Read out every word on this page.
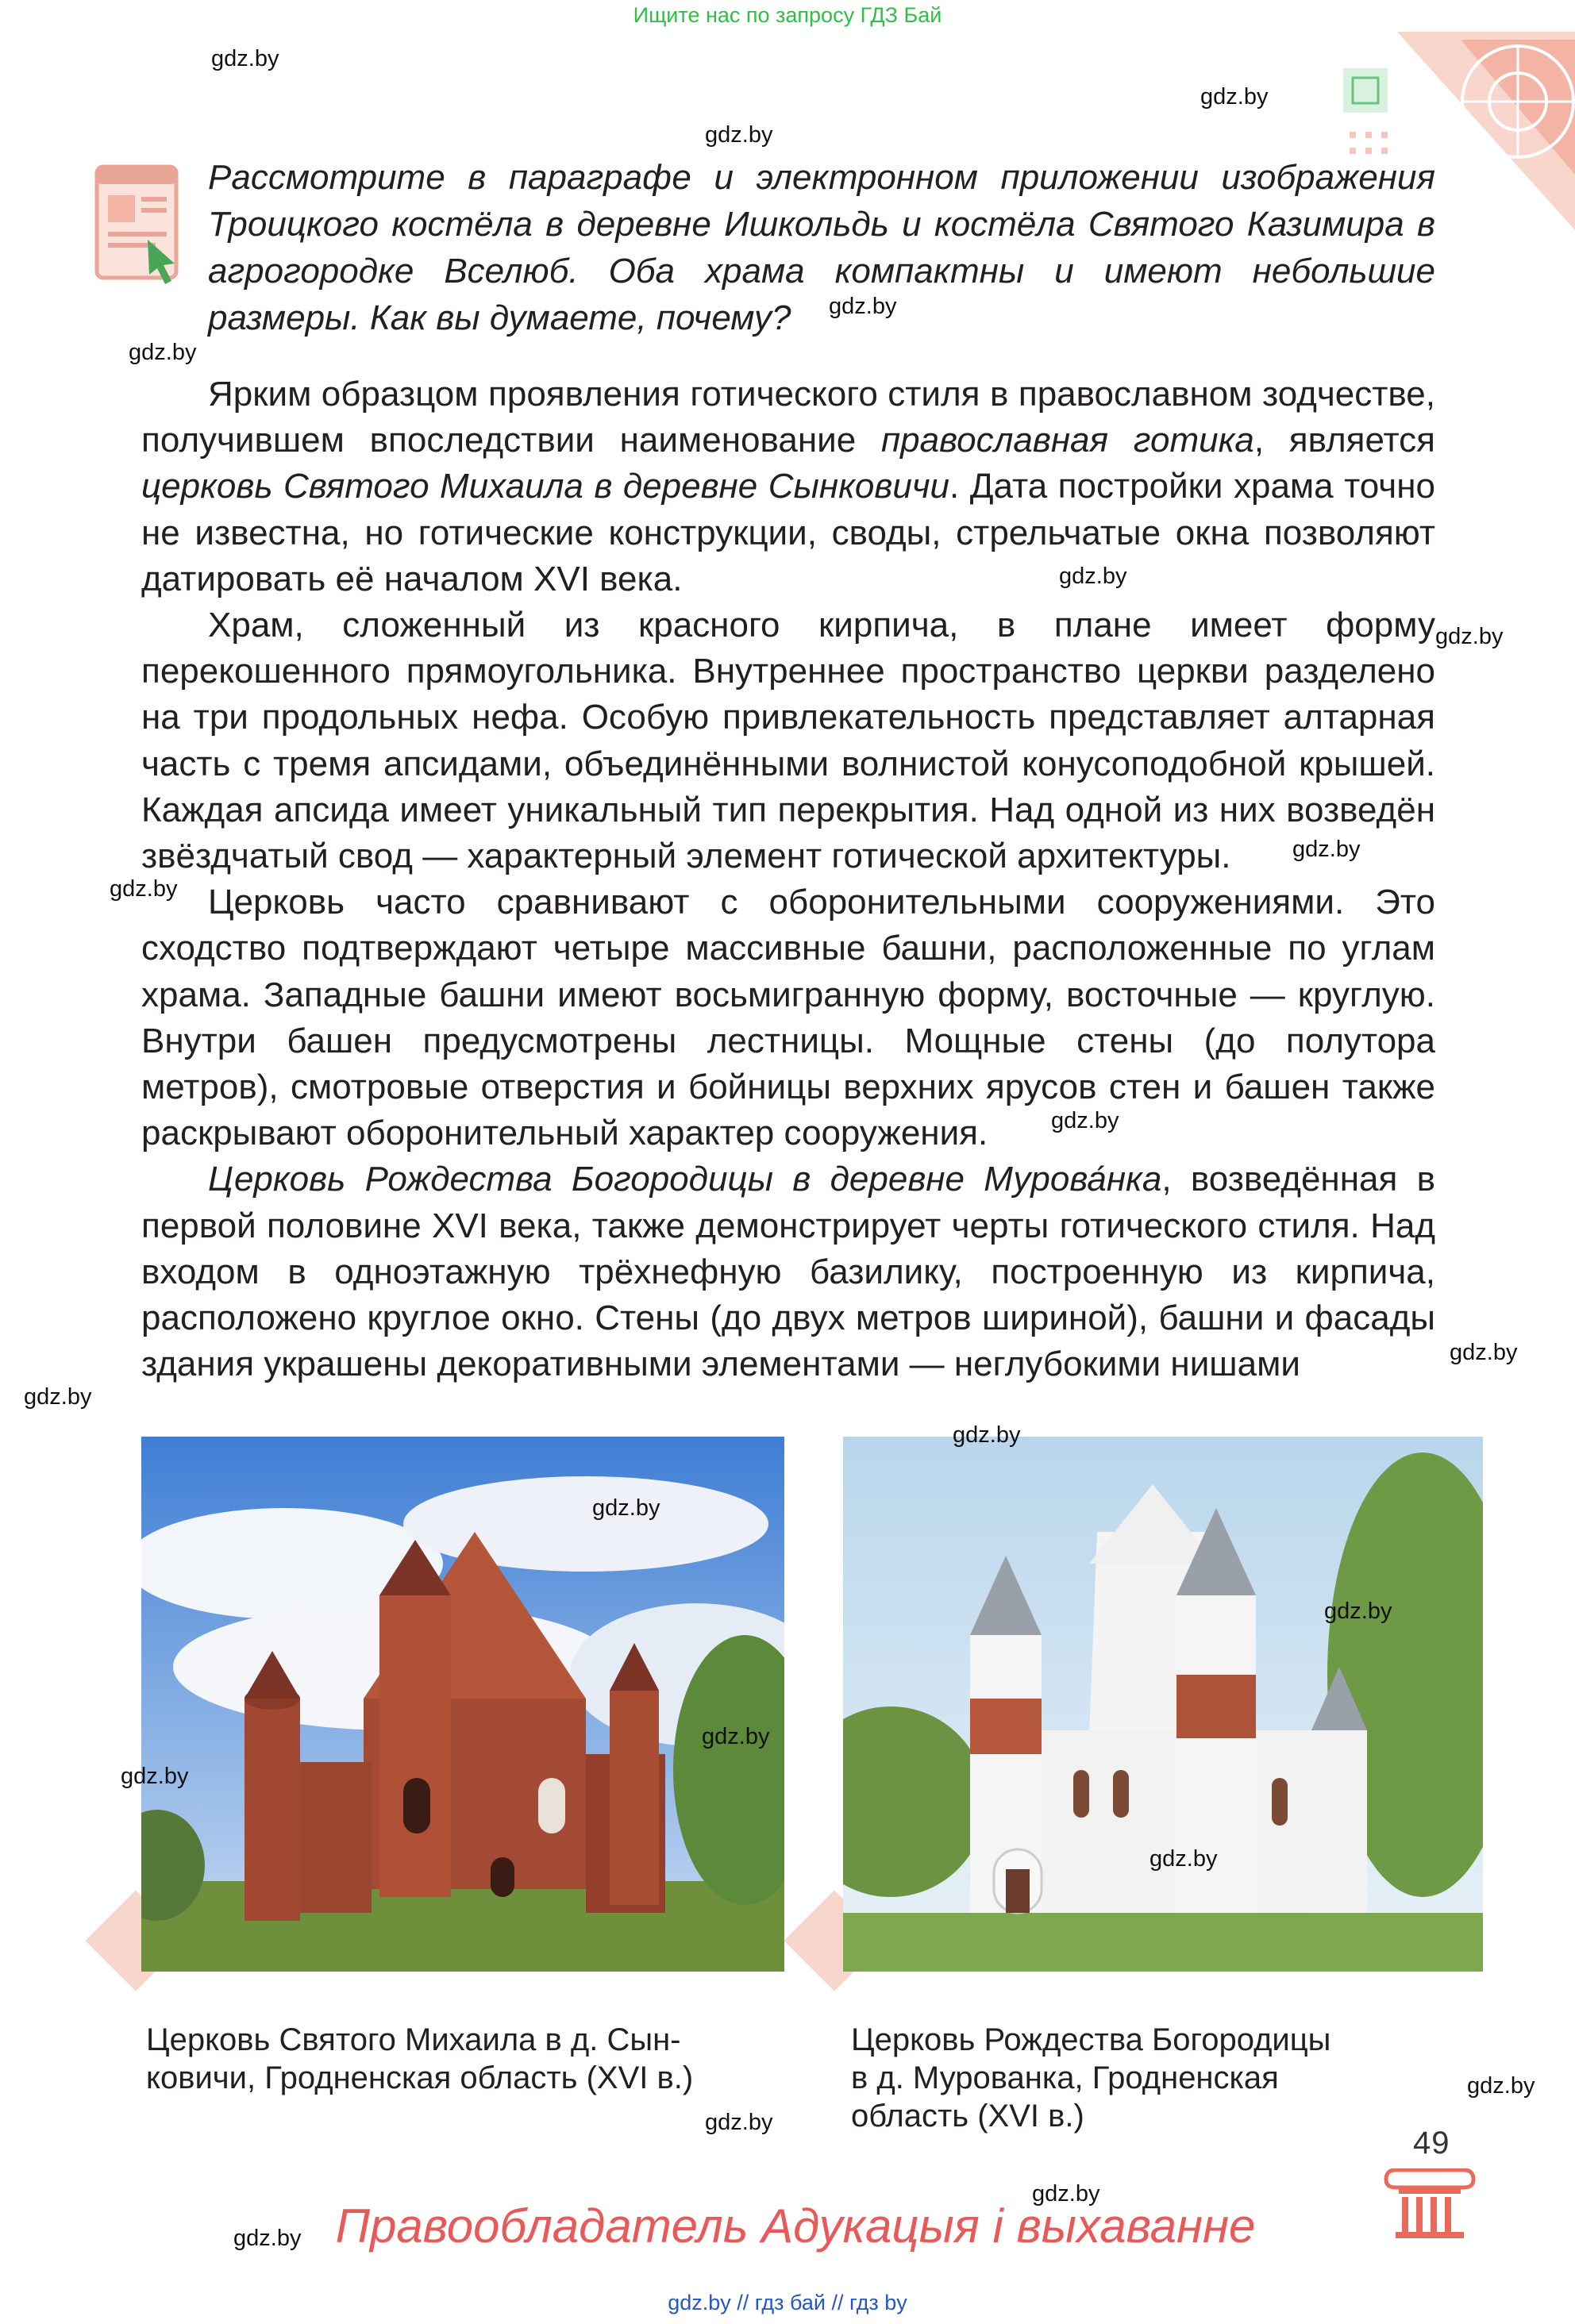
Ищите нас по запросу ГДЗ Бай
Рассмотрите в параграфе и электронном приложении изображения Троицкого костёла в деревне Ишкольдь и костёла Святого Казимира в агрогородке Вселюб. Оба храма компактны и имеют небольшие размеры. Как вы думаете, почему?

Ярким образцом проявления готического стиля в православном зодчестве, получившем впоследствии наименование православная готика, является церковь Святого Михаила в деревне Сынковичи. Дата постройки храма точно не известна, но готические конструкции, своды, стрельчатые окна позволяют датировать её началом XVI века.

Храм, сложенный из красного кирпича, в плане имеет форму перекошенного прямоугольника. Внутреннее пространство церкви разделено на три продольных нефа. Особую привлекательность представляет алтарная часть с тремя апсидами, объединёнными волнистой конусоподобной крышей. Каждая апсида имеет уникальный тип перекрытия. Над одной из них возведён звёздчатый свод — характерный элемент готической архитектуры.

Церковь часто сравнивают с оборонительными сооружениями. Это сходство подтверждают четыре массивные башни, расположенные по углам храма. Западные башни имеют восьмигранную форму, восточные — круглую. Внутри башен предусмотрены лестницы. Мощные стены (до полутора метров), смотровые отверстия и бойницы верхних ярусов стен и башен также раскрывают оборонительный характер сооружения.

Церковь Рождества Богородицы в деревне Мурова́нка, возведённая в первой половине XVI века, также демонстрирует черты готического стиля. Над входом в одноэтажную трёхнефную базилику, построенную из кирпича, расположено круглое окно. Стены (до двух метров шириной), башни и фасады здания украшены декоративными элементами — неглубокими нишами

Церковь Святого Михаила в д. Сын-
ковичи, Гродненская область (XVI в.)
Церковь Рождества Богородицы
в д. Мурованка, Гродненская
область (XVI в.)
49
Правообладатель Адукацыя і выхаванне
gdz.by // гдз бай // гдз by
gdz.by
gdz.by
gdz.by
gdz.by
gdz.by
gdz.by
gdz.by
gdz.by
gdz.by
gdz.by
gdz.by
gdz.by
gdz.by
gdz.by
gdz.by
gdz.by
gdz.by
gdz.by
gdz.by
gdz.by
gdz.by
gdz.by
